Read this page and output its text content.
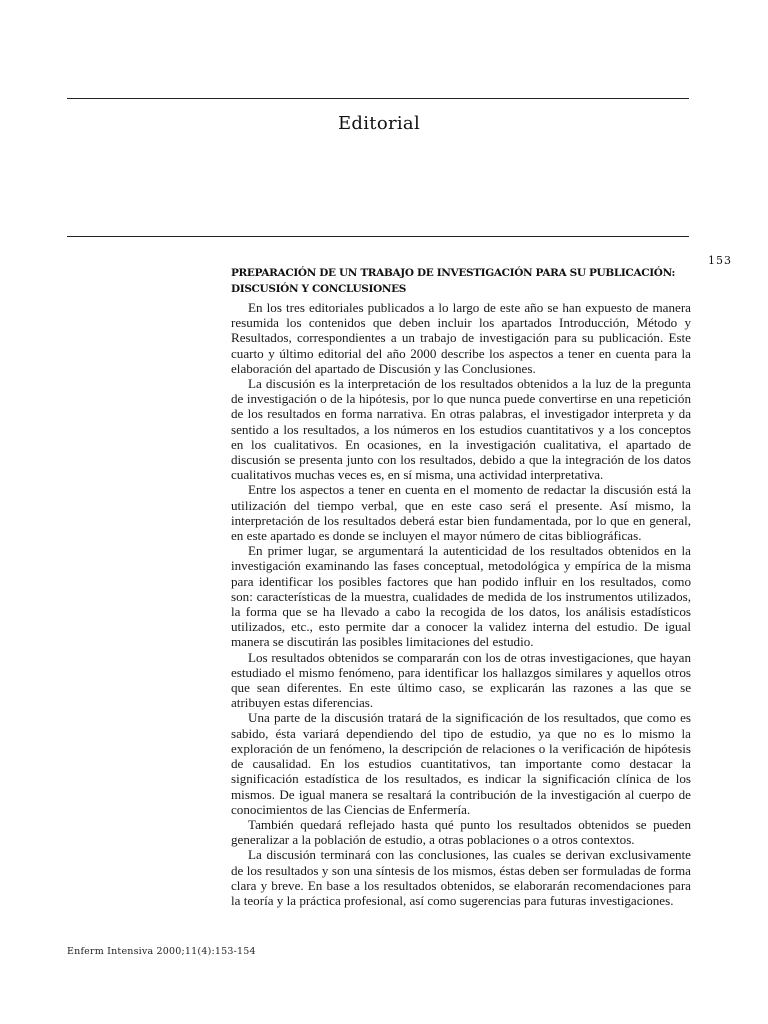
Editorial
153
PREPARACIÓN DE UN TRABAJO DE INVESTIGACIÓN PARA SU PUBLICACIÓN: DISCUSIÓN Y CONCLUSIONES

En los tres editoriales publicados a lo largo de este año se han expuesto de manera resumida los contenidos que deben incluir los apartados Introducción, Método y Resultados, correspondientes a un trabajo de investigación para su publicación. Este cuarto y último editorial del año 2000 describe los aspectos a tener en cuenta para la elaboración del apartado de Discusión y las Conclusiones.

La discusión es la interpretación de los resultados obtenidos a la luz de la pregunta de investigación o de la hipótesis, por lo que nunca puede convertirse en una repetición de los resultados en forma narrativa. En otras palabras, el investigador interpreta y da sentido a los resultados, a los números en los estudios cuantitativos y a los conceptos en los cualitativos. En ocasiones, en la investigación cualitativa, el apartado de discusión se presenta junto con los resultados, debido a que la integración de los datos cualitativos muchas veces es, en sí misma, una actividad interpretativa.

Entre los aspectos a tener en cuenta en el momento de redactar la discusión está la utilización del tiempo verbal, que en este caso será el presente. Así mismo, la interpretación de los resultados deberá estar bien fundamentada, por lo que en general, en este apartado es donde se incluyen el mayor número de citas bibliográficas.

En primer lugar, se argumentará la autenticidad de los resultados obtenidos en la investigación examinando las fases conceptual, metodológica y empírica de la misma para identificar los posibles factores que han podido influir en los resultados, como son: características de la muestra, cualidades de medida de los instrumentos utilizados, la forma que se ha llevado a cabo la recogida de los datos, los análisis estadísticos utilizados, etc., esto permite dar a conocer la validez interna del estudio. De igual manera se discutirán las posibles limitaciones del estudio.

Los resultados obtenidos se compararán con los de otras investigaciones, que hayan estudiado el mismo fenómeno, para identificar los hallazgos similares y aquellos otros que sean diferentes. En este último caso, se explicarán las razones a las que se atribuyen estas diferencias.

Una parte de la discusión tratará de la significación de los resultados, que como es sabido, ésta variará dependiendo del tipo de estudio, ya que no es lo mismo la exploración de un fenómeno, la descripción de relaciones o la verificación de hipótesis de causalidad. En los estudios cuantitativos, tan importante como destacar la significación estadística de los resultados, es indicar la significación clínica de los mismos. De igual manera se resaltará la contribución de la investigación al cuerpo de conocimientos de las Ciencias de Enfermería.

También quedará reflejado hasta qué punto los resultados obtenidos se pueden generalizar a la población de estudio, a otras poblaciones o a otros contextos.

La discusión terminará con las conclusiones, las cuales se derivan exclusivamente de los resultados y son una síntesis de los mismos, éstas deben ser formuladas de forma clara y breve. En base a los resultados obtenidos, se elaborarán recomendaciones para la teoría y la práctica profesional, así como sugerencias para futuras investigaciones.

Enferm Intensiva 2000;11(4):153-154
